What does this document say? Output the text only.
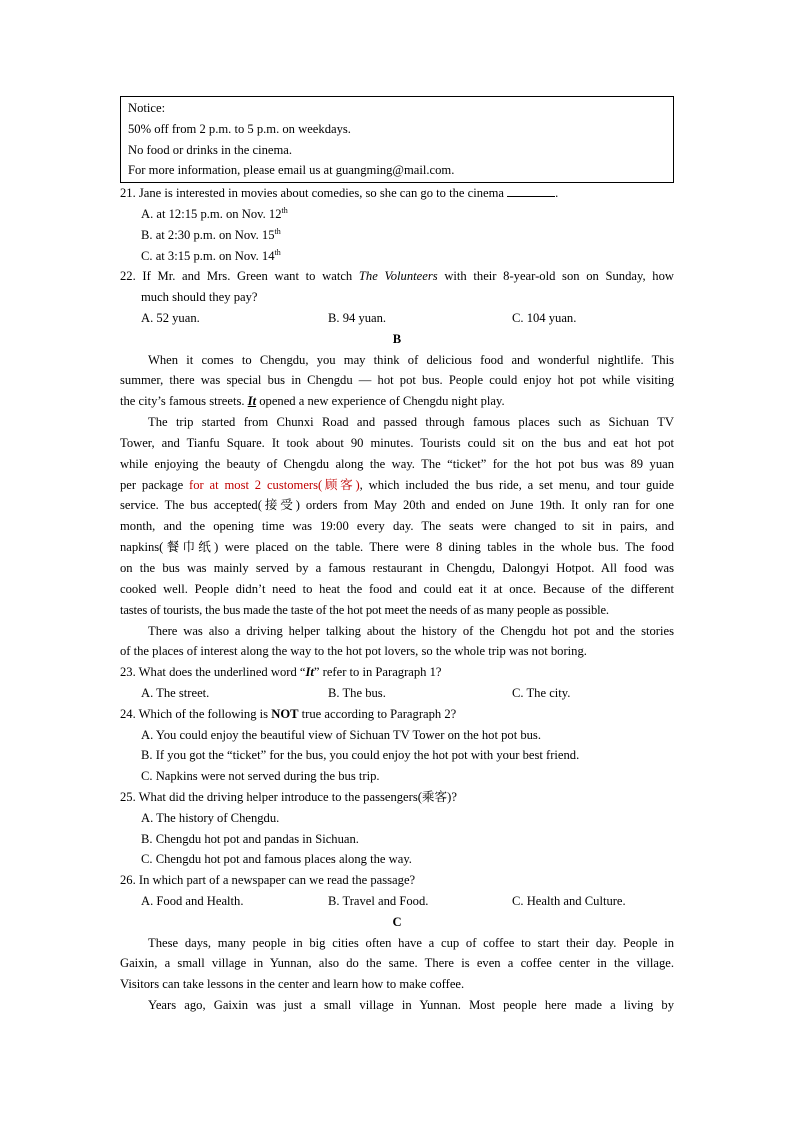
Notice:
50% off from 2 p.m. to 5 p.m. on weekdays.
No food or drinks in the cinema.
For more information, please email us at guangming@mail.com.
21. Jane is interested in movies about comedies, so she can go to the cinema	.
A. at 12:15 p.m. on Nov. 12th
B. at 2:30 p.m. on Nov. 15th
C. at 3:15 p.m. on Nov. 14th
22. If Mr. and Mrs. Green want to watch The Volunteers with their 8-year-old son on Sunday, how
much should they pay?
A. 52 yuan.	B. 94 yuan.	C. 104 yuan.
B
When it comes to Chengdu, you may think of delicious food and wonderful nightlife. This
summer, there was special bus in Chengdu — hot pot bus. People could enjoy hot pot while visiting
the city’s famous streets. It opened a new experience of Chengdu night play.
The trip started from Chunxi Road and passed through famous places such as Sichuan TV
Tower, and Tianfu Square. It took about 90 minutes. Tourists could sit on the bus and eat hot pot
while enjoying the beauty of Chengdu along the way. The “ticket” for the hot pot bus was 89 yuan
per package for at most 2 customers(顾客), which included the bus ride, a set menu, and tour guide
service. The bus accepted(接受) orders from May 20th and ended on June 19th. It only ran for one
month, and the opening time was 19:00 every day. The seats were changed to sit in pairs, and
napkins(餐巾纸) were placed on the table. There were 8 dining tables in the whole bus. The food
on the bus was mainly served by a famous restaurant in Chengdu, Dalongyi Hotpot. All food was
cooked well. People didn’t need to heat the food and could eat it at once. Because of the different
tastes of tourists, the bus made the taste of the hot pot meet the needs of as many people as possible.
There was also a driving helper talking about the history of the Chengdu hot pot and the stories
of the places of interest along the way to the hot pot lovers, so the whole trip was not boring.
23. What does the underlined word “It” refer to in Paragraph 1?
A. The street.	B. The bus.	C. The city.
24. Which of the following is NOT true according to Paragraph 2?
A. You could enjoy the beautiful view of Sichuan TV Tower on the hot pot bus.
B. If you got the “ticket” for the bus, you could enjoy the hot pot with your best friend.
C. Napkins were not served during the bus trip.
25. What did the driving helper introduce to the passengers(乘客)?
A. The history of Chengdu.
B. Chengdu hot pot and pandas in Sichuan.
C. Chengdu hot pot and famous places along the way.
26. In which part of a newspaper can we read the passage?
A. Food and Health.	B. Travel and Food.	C. Health and Culture.
C
These days, many people in big cities often have a cup of coffee to start their day. People in
Gaixin, a small village in Yunnan, also do the same. There is even a coffee center in the village.
Visitors can take lessons in the center and learn how to make coffee.
Years ago, Gaixin was just a small village in Yunnan. Most people here made a living by
